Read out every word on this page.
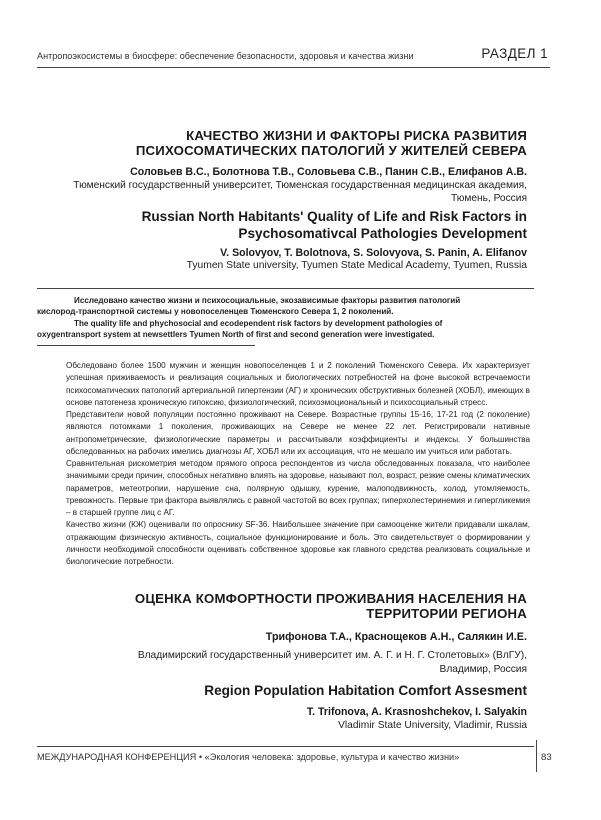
Антропоэкосистемы в биосфере: обеспечение безопасности, здоровья и качества жизни	РАЗДЕЛ 1
КАЧЕСТВО ЖИЗНИ И ФАКТОРЫ РИСКА РАЗВИТИЯ ПСИХОСОМАТИЧЕСКИХ ПАТОЛОГИЙ У ЖИТЕЛЕЙ СЕВЕРА
Соловьев В.С., Болотнова Т.В., Соловьева С.В., Панин С.В., Елифанов А.В.
Тюменский государственный университет, Тюменская государственная медицинская академия, Тюмень, Россия
Russian North Habitants' Quality of Life and Risk Factors in Psychosomativcal Pathologies Development
V. Solovyov, T. Bolotnova, S. Solovyova, S. Panin, A. Elifanov
Tyumen State university, Tyumen State Medical Academy, Tyumen, Russia

Исследовано качество жизни и психосоциальные, экозависимые факторы развития патологий кислород-транспортной системы у новопоселенцев Тюменского Севера 1, 2 поколений.

The quality life and phychosocial and ecodependent risk factors by development pathologies of oxygentransport system at newsettlers Tyumen North of first and second generation were investigated.

Обследовано более 1500 мужчин и женщин новопоселенцев 1 и 2 поколений Тюменского Севера. Их характеризует успешная приживаемость и реализация социальных и биологических потребностей на фоне высокой встречаемости психосоматических патологий артериальной гипертензии (АГ) и хронических обструктивных болезней (ХОБЛ), имеющих в основе патогенеза хроническую гипоксию, физиологический, психоэмоциональный и психосоциальный стресс.

Представители новой популяции постоянно проживают на Севере. Возрастные группы 15-16, 17-21 год (2 поколение) являются потомками 1 поколения, проживающих на Севере не менее 22 лет. Регистрировали нативные антропометрические, физиологические параметры и рассчитывали коэффициенты и индексы. У большинства обследованных на рабочих имелись диагнозы АГ, ХОБЛ или их ассоциация, что не мешало им учиться или работать.

Сравнительная рискометрия методом прямого опроса респондентов из числа обследованных показала, что наиболее значимыми среди причин, способных негативно влиять на здоровье, называют пол, возраст, резкие смены климатических параметров, метеотропии, нарушение сна, полярную одышку, курение, малоподвижность, холод, утомляемость, тревожность. Первые три фактора выявлялись с равной частотой во всех группах; гиперхолестеринемия и гипергликемия – в старшей группе лиц с АГ.

Качество жизни (КЖ) оценивали по опроснику SF-36. Наибольшее значение при самооценке жители придавали шкалам, отражающим физическую активность, социальное функционирование и боль. Это свидетельствует о формировании у личности необходимой способности оценивать собственное здоровье как главного средства реализовать социальные и биологические потребности.

ОЦЕНКА КОМФОРТНОСТИ ПРОЖИВАНИЯ НАСЕЛЕНИЯ НА ТЕРРИТОРИИ РЕГИОНА
Трифонова Т.А., Краснощеков А.Н., Салякин И.Е.
Владимирский государственный университет им. А. Г. и Н. Г. Столетовых» (ВлГУ), Владимир, Россия
Region Population Habitation Comfort Assesment
T. Trifonova, A. Krasnoshchekov, I. Salyakin
Vladimir State University, Vladimir, Russia
МЕЖДУНАРОДНАЯ КОНФЕРЕНЦИЯ • «Экология человека: здоровье, культура и качество жизни»	83
